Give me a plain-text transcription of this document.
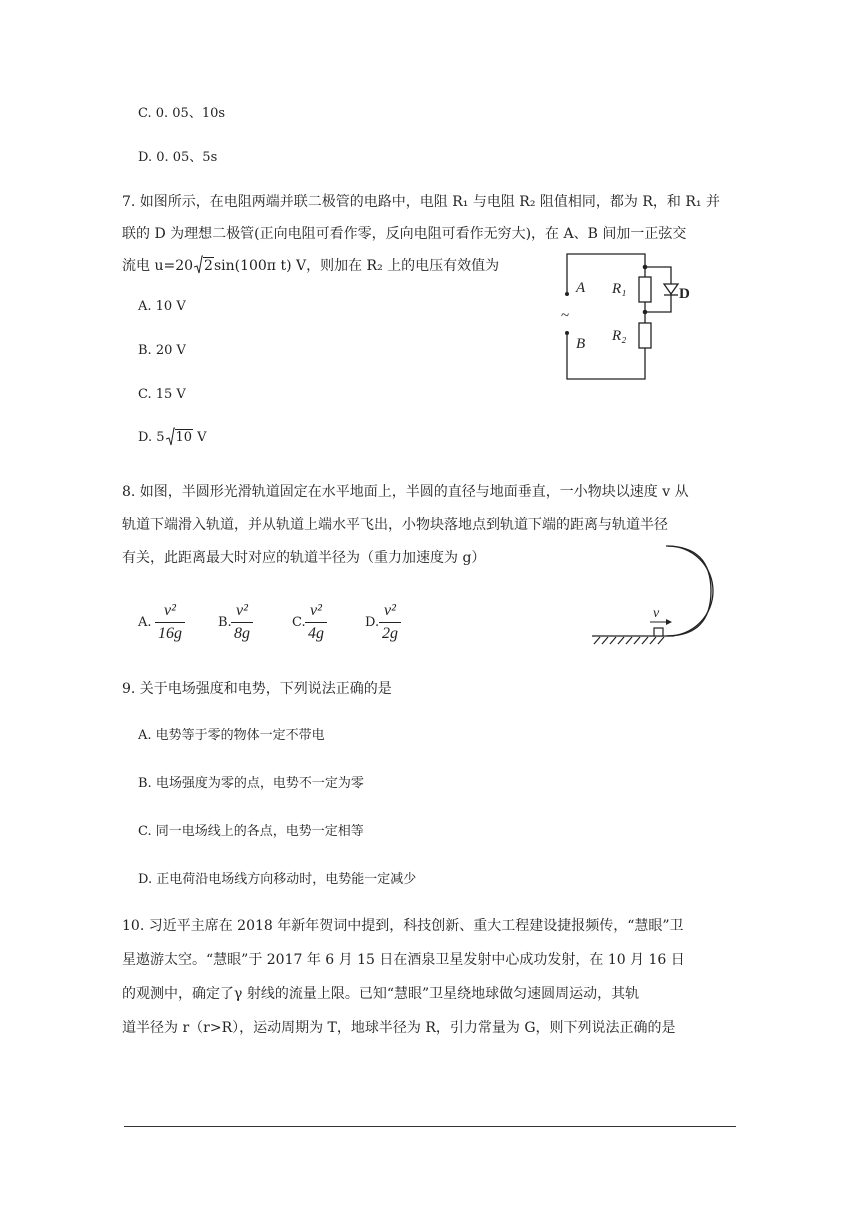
C. 0. 05、10s
D. 0. 05、5s
7. 如图所示，在电阻两端并联二极管的电路中，电阻 R₁ 与电阻 R₂ 阻值相同，都为 R，和 R₁ 并
联的 D 为理想二极管(正向电阻可看作零，反向电阻可看作无穷大)，在 A、B 间加一正弦交
流电 u=20 2sin(100π t) V，则加在 R₂ 上的电压有效值为
A. 10 V
B. 20 V
C. 15 V
D. 5 10 V
A
~
B
R₁
R₂
D
8. 如图，半圆形光滑轨道固定在水平地面上，半圆的直径与地面垂直，一小物块以速度 v 从
轨道下端滑入轨道，并从轨道上端水平飞出，小物块落地点到轨道下端的距离与轨道半径
有关，此距离最大时对应的轨道半径为（重力加速度为 g）
A. $\frac{\text{v²}}{16g}$	B. $\frac{\text{v²}}{8g}$	C. $\frac{\text{v²}}{4g}$	D. $\frac{\text{v²}}{2g}$	v
9. 关于电场强度和电势，下列说法正确的是
A. 电势等于零的物体一定不带电
B. 电场强度为零的点，电势不一定为零
C. 同一电场线上的各点，电势一定相等
D. 正电荷沿电场线方向移动时，电势能一定减少
10. 习近平主席在 2018 年新年贺词中提到，科技创新、重大工程建设捷报频传，“慧眼”卫
星遨游太空。“慧眼”于 2017 年 6 月 15 日在酒泉卫星发射中心成功发射，在 10 月 16 日
的观测中，确定了γ 射线的流量上限。已知“慧眼”卫星绕地球做匀速圆周运动，其轨
道半径为 r（r>R），运动周期为 T，地球半径为 R，引力常量为 G，则下列说法正确的是
